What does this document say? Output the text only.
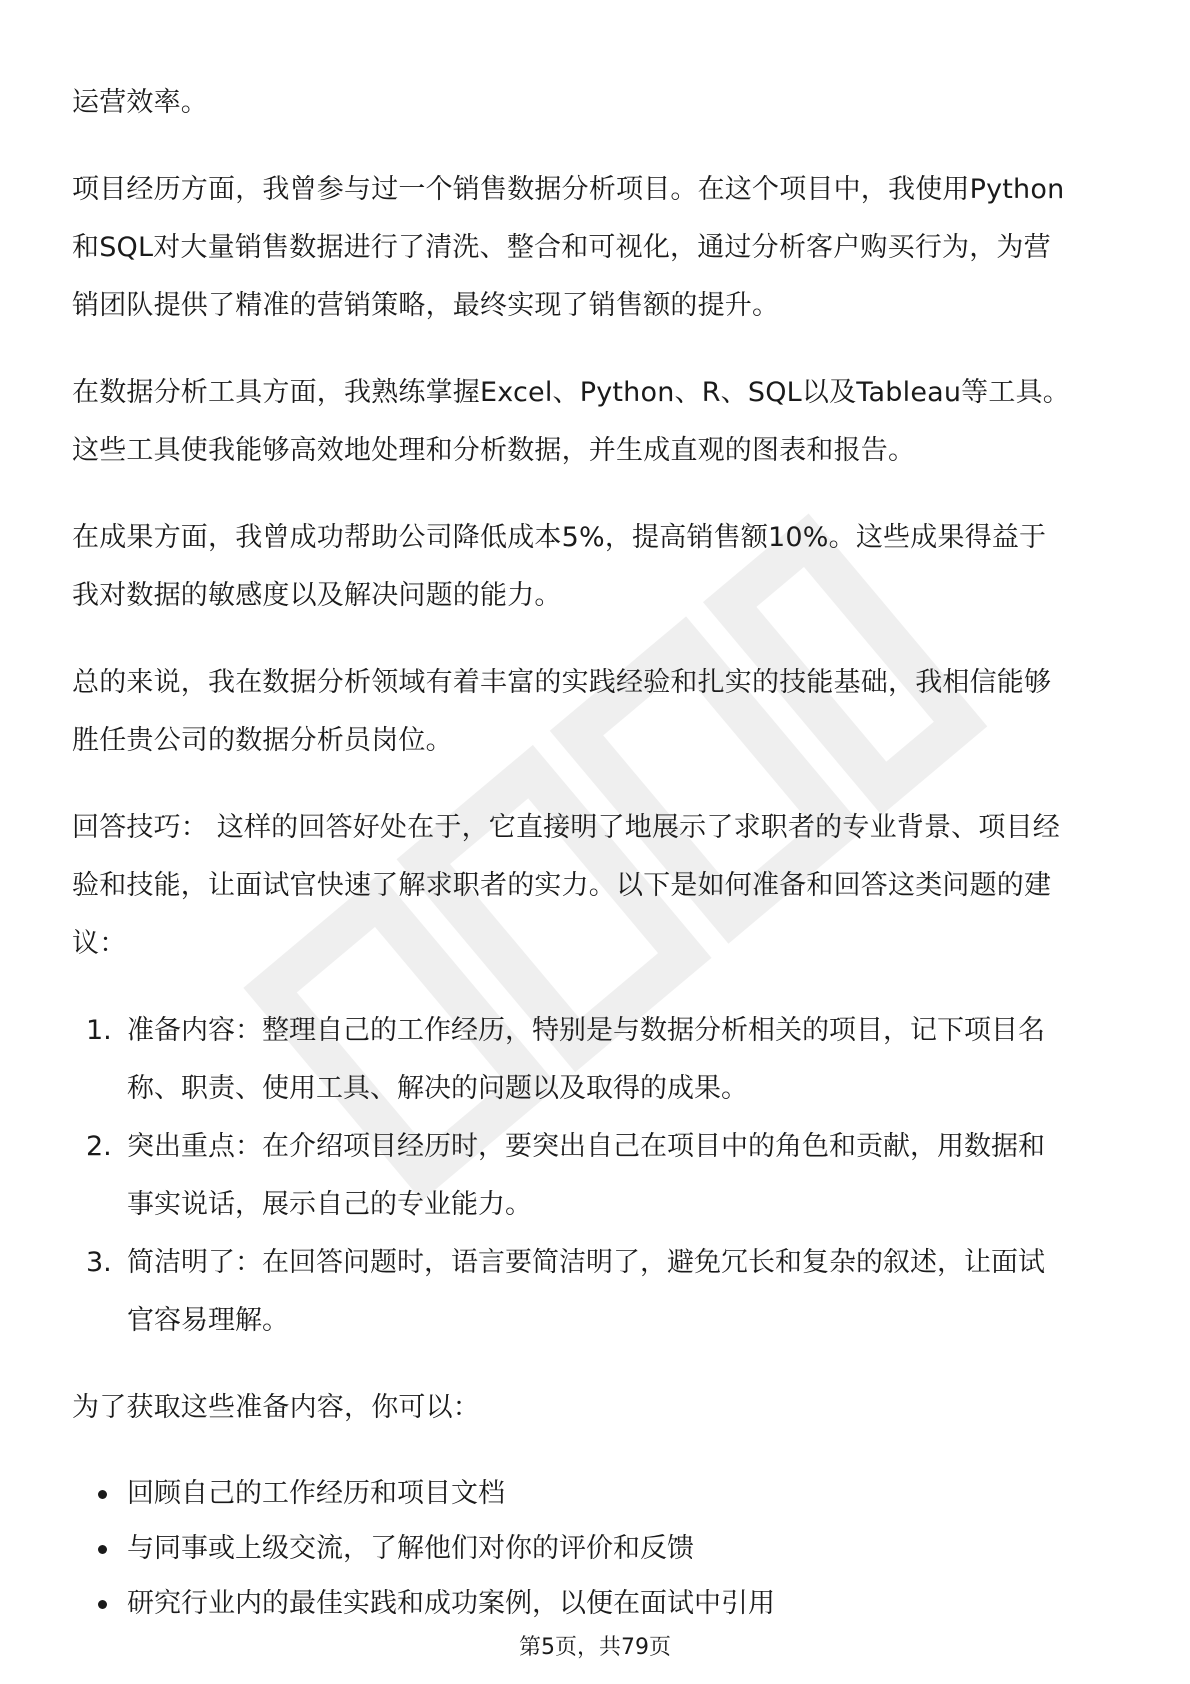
运营效率。

项目经历方面，我曾参与过一个销售数据分析项目。在这个项目中，我使用Python
和SQL对大量销售数据进行了清洗、整合和可视化，通过分析客户购买行为，为营
销团队提供了精准的营销策略，最终实现了销售额的提升。

在数据分析工具方面，我熟练掌握Excel、Python、R、SQL以及Tableau等工具。
这些工具使我能够高效地处理和分析数据，并生成直观的图表和报告。

在成果方面，我曾成功帮助公司降低成本5%，提高销售额10%。这些成果得益于
我对数据的敏感度以及解决问题的能力。

总的来说，我在数据分析领域有着丰富的实践经验和扎实的技能基础，我相信能够
胜任贵公司的数据分析员岗位。

回答技巧： 这样的回答好处在于，它直接明了地展示了求职者的专业背景、项目经
验和技能，让面试官快速了解求职者的实力。以下是如何准备和回答这类问题的建
议：

1. 准备内容：整理自己的工作经历，特别是与数据分析相关的项目，记下项目名
称、职责、使用工具、解决的问题以及取得的成果。
2. 突出重点：在介绍项目经历时，要突出自己在项目中的角色和贡献，用数据和
事实说话，展示自己的专业能力。
3. 简洁明了：在回答问题时，语言要简洁明了，避免冗长和复杂的叙述，让面试
官容易理解。

为了获取这些准备内容，你可以：

回顾自己的工作经历和项目文档
与同事或上级交流，了解他们对你的评价和反馈
研究行业内的最佳实践和成功案例，以便在面试中引用
第5页，共79页
